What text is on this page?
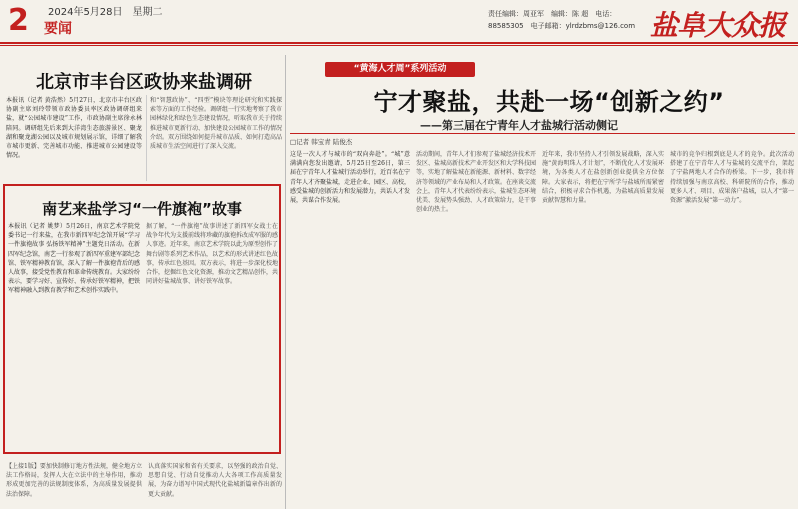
2 2024年5月28日　星期二
要闻
责任编辑：周亚军　编辑：陈 超　电话：88585305　电子邮箱：ylrdzbms@126.com 盐阜大众报
北京市丰台区政协来盐调研
本报讯（记者 黄浩然）5月27日，北京市丰台区政协副主席刘玲带领市政协委员率区政协调研组来盐，就“公园城市建设”工作，市政协副主席徐永林陪同。调研组先后来到大洋湾生态旅游景区、聚龙湖和聚龙湖公园以及城市规划展示馆，详细了解我市城市更新、完善城市功能、推进城市公园建设等情况。
和“智慧政协”、“四型”模块等理论研究和实践探索等方面的工作经验。调研组一行实地考察了我市园林绿化和绿色生态建设情况，听取我市关于持续推进城市更新行动、加快建设公园城市工作的情况介绍。双方围绕如何提升城市品质、如何打造高品质城市生活空间进行了深入交流。
南艺来盐学习“一件旗袍”故事
本报讯（记者 姚梦）5月26日，南京艺术学院党委书记一行来盐，在我市新四军纪念馆开展“学习一件旗袍故事 弘扬铁军精神”主题党日活动。在新四军纪念馆，南艺一行参观了新四军重建军部纪念馆、铁军精神教育馆，深入了解一件旗袍背后的感人故事，接受党性教育和革命传统教育。大家纷纷表示，要学习好、宣传好、传承好铁军精神，把铁军精神融入到教育教学和艺术创作实践中。
据了解，“一件旗袍”故事讲述了新四军女战士在战争年代为支援前线将珍藏的旗袍拆改成军服的感人事迹。近年来，南京艺术学院以此为原型创作了舞台剧等系列艺术作品，以艺术的形式讲述红色故事，传承红色基因。双方表示，将进一步深化校地合作，挖掘红色文化资源，推动文艺精品创作，共同讲好盐城故事、讲好铁军故事。
【上接1版】要加快制修订地方性法规，健全地方立法工作格局，发挥人大在立法中的主导作用，推动形成更加完善的法规制度体系，为高质量发展提供法治保障。
认真落实国家和省有关要求，以坚强的政治自觉、思想自觉、行动自觉推动人大各项工作高质量发展，为奋力谱写中国式现代化盐城新篇章作出新的更大贡献。
“黄海人才周”系列活动
宁才聚盐，共赴一场“创新之约”
——第三届在宁青年人才盐城行活动侧记
□记者 韩宝青 陆俊杰
这是一次人才与城市的“双向奔赴”。“城”意满满向您发出邀请，5月25日至26日，第三届在宁青年人才盐城行活动举行，近百名在宁青年人才齐聚盐城，走进企业、园区、高校，感受盐城的创新活力和发展潜力，共话人才发展，共谋合作发展。
活动期间，青年人才们参观了盐城经济技术开发区、盐城高新技术产业开发区和大学科技园等，实地了解盐城在新能源、新材料、数字经济等领域的产业布局和人才政策。在座谈交流会上，青年人才代表纷纷表示，盐城生态环境优美、发展势头强劲、人才政策给力，是干事创业的热土。
近年来，我市坚持人才引领发展战略，深入实施“黄海明珠人才计划”，不断优化人才发展环境，为各类人才在盐创新创业提供全方位保障。大家表示，将把在宁所学与盐城所需紧密结合，积极寻求合作机遇，为盐城高质量发展贡献智慧和力量。
城市的竞争归根到底是人才的竞争。此次活动搭建了在宁青年人才与盐城的交流平台，架起了宁盐两地人才合作的桥梁。下一步，我市将持续加强与南京高校、科研院所的合作，推动更多人才、项目、成果落户盐城，以人才“第一资源”激活发展“第一动力”。
